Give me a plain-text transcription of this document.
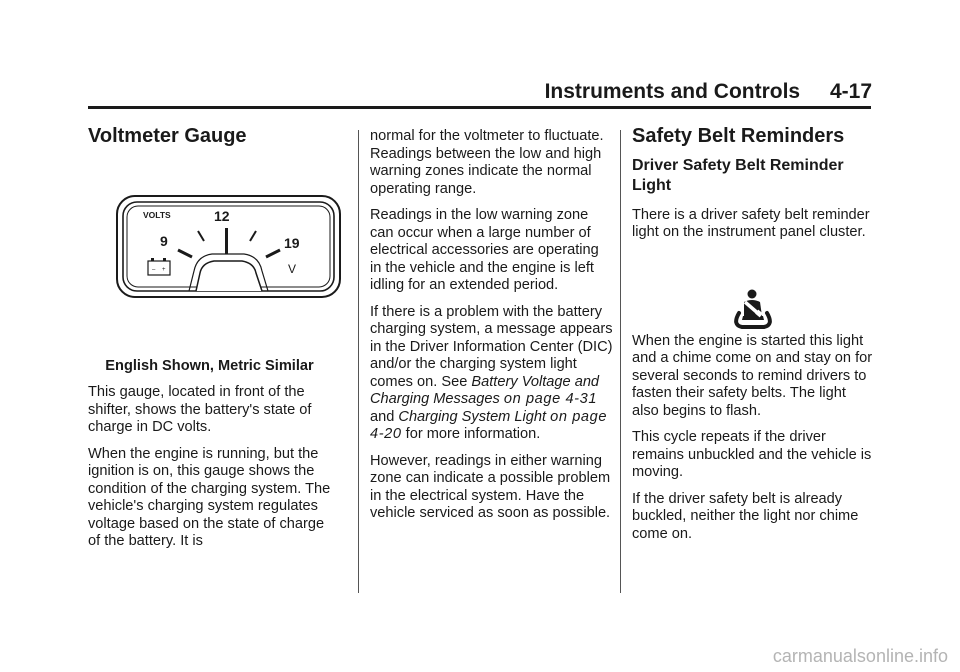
Instruments and Controls 4-17
Voltmeter Gauge

English Shown, Metric Similar

This gauge, located in front of the shifter, shows the battery's state of charge in DC volts.

When the engine is running, but the ignition is on, this gauge shows the condition of the charging system. The vehicle's charging system regulates voltage based on the state of charge of the battery. It is

VOLTS	12
9	19
V
– +

normal for the voltmeter to fluctuate. Readings between the low and high warning zones indicate the normal operating range.

Readings in the low warning zone can occur when a large number of electrical accessories are operating in the vehicle and the engine is left idling for an extended period.

If there is a problem with the battery charging system, a message appears in the Driver Information Center (DIC) and/or the charging system light comes on. See Battery Voltage and Charging Messages on page 4-31 and Charging System Light on page 4-20 for more information.

However, readings in either warning zone can indicate a possible problem in the electrical system. Have the vehicle serviced as soon as possible.

Safety Belt Reminders
Driver Safety Belt Reminder Light

There is a driver safety belt reminder light on the instrument panel cluster.

When the engine is started this light and a chime come on and stay on for several seconds to remind drivers to fasten their safety belts. The light also begins to flash.

This cycle repeats if the driver remains unbuckled and the vehicle is moving.

If the driver safety belt is already buckled, neither the light nor chime come on.

carmanualsonline.info
